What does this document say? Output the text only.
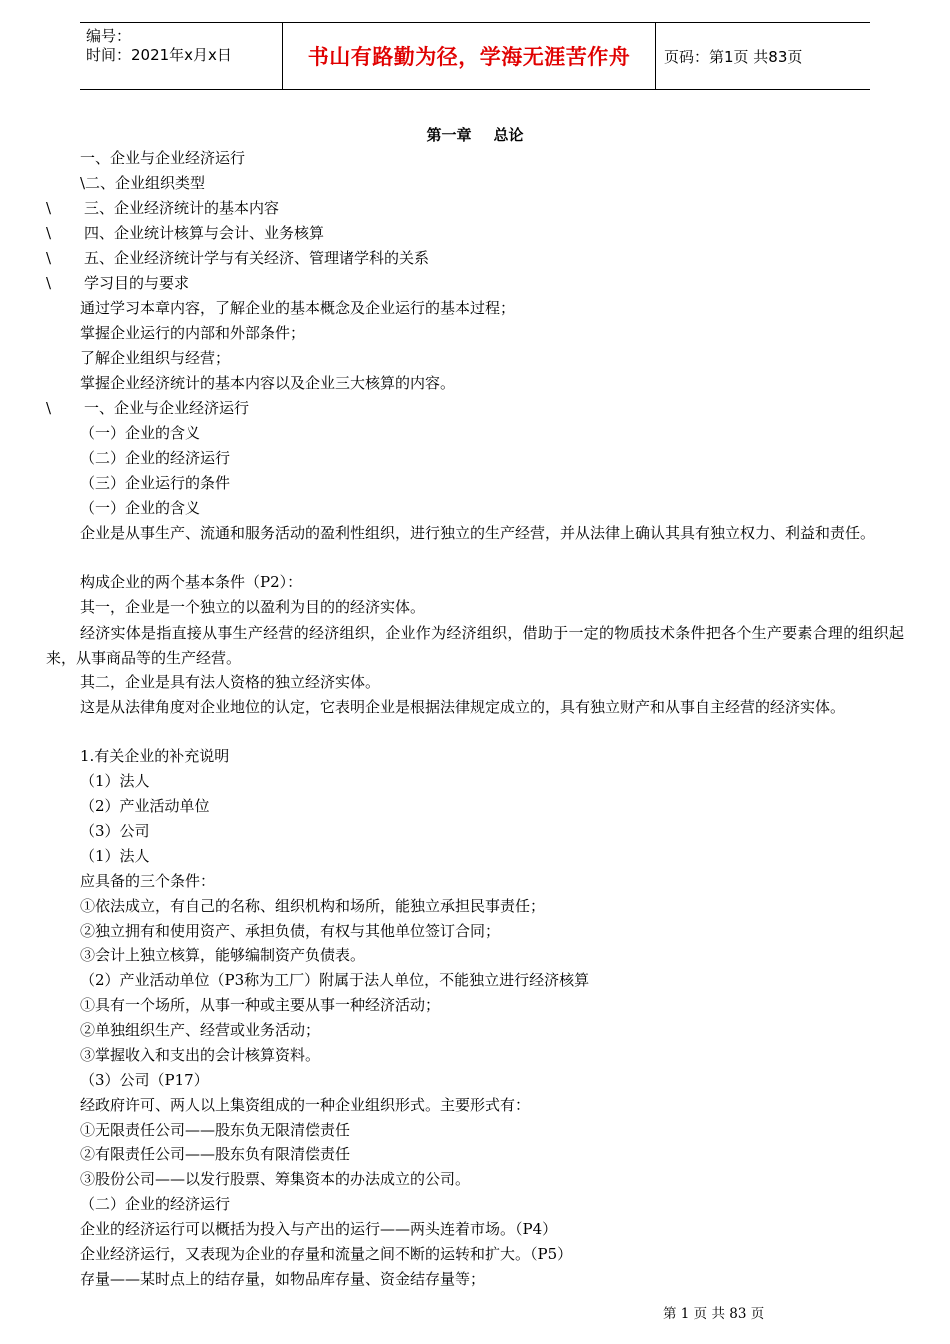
编号：
时间：2021年x月x日	书山有路勤为径，学海无涯苦作舟	页码：第1页 共83页
第一章 总论
一、企业与企业经济运行
\二、企业组织类型
\ 三、企业经济统计的基本内容
\ 四、企业统计核算与会计、业务核算
\ 五、企业经济统计学与有关经济、管理诸学科的关系
\ 学习目的与要求
通过学习本章内容，了解企业的基本概念及企业运行的基本过程；
掌握企业运行的内部和外部条件；
了解企业组织与经营；
掌握企业经济统计的基本内容以及企业三大核算的内容。
\ 一、企业与企业经济运行
（一）企业的含义
（二）企业的经济运行
（三）企业运行的条件
（一）企业的含义
企业是从事生产、流通和服务活动的盈利性组织，进行独立的生产经营，并从法律上确认其具有独立权力、利益和责任。
构成企业的两个基本条件（P2）：
其一，企业是一个独立的以盈利为目的的经济实体。
经济实体是指直接从事生产经营的经济组织，企业作为经济组织，借助于一定的物质技术条件把各个生产要素合理的组织起来，从事商品等的生产经营。
其二，企业是具有法人资格的独立经济实体。
这是从法律角度对企业地位的认定，它表明企业是根据法律规定成立的，具有独立财产和从事自主经营的经济实体。
1.有关企业的补充说明
（1）法人
（2）产业活动单位
（3）公司
（1）法人
应具备的三个条件：
①依法成立，有自己的名称、组织机构和场所，能独立承担民事责任；
②独立拥有和使用资产、承担负债，有权与其他单位签订合同；
③会计上独立核算，能够编制资产负债表。
（2）产业活动单位（P3称为工厂）附属于法人单位，不能独立进行经济核算
①具有一个场所，从事一种或主要从事一种经济活动；
②单独组织生产、经营或业务活动；
③掌握收入和支出的会计核算资料。
（3）公司（P17）
经政府许可、两人以上集资组成的一种企业组织形式。主要形式有：
①无限责任公司——股东负无限清偿责任
②有限责任公司——股东负有限清偿责任
③股份公司——以发行股票、筹集资本的办法成立的公司。
（二）企业的经济运行
企业的经济运行可以概括为投入与产出的运行——两头连着市场。（P4）
企业经济运行，又表现为企业的存量和流量之间不断的运转和扩大。（P5）
存量——某时点上的结存量，如物品库存量、资金结存量等；
第 1 页 共 83 页
